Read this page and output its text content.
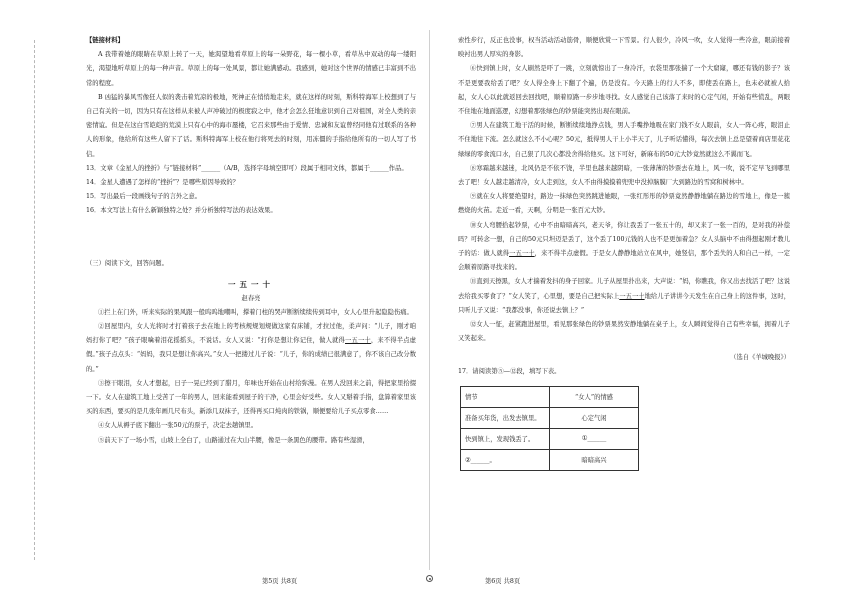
【链接材料】

A 我带着她的眼睛在草原上转了一天，她渴望地看草原上的每一朵野花，每一棵小草，看草丛中双动的每一缕阳光，渴望地听草原上的每一种声音。草原上的每一处风景，都让她满感动。我感到，她对这个世界的情感已丰富到不出常的程度。

B 凶猛的暴风雪像狂人似的袭击着荒凉的极地，死神正在悄悄地走来，就在这样的时刻，斯科特海军上校想到了与自己有关的一切，因为只有在这样从来被人声冲破过的极度寂之中，他才会怎么狂地意识到自己对祖国，对全人类的亲密情谊。但是在这白雪皑皑的荒漠上只有心中的海市蜃楼，它召来那些由于爱情、忠诚和友谊曾经同他有过联系的各种人的形象，他给所有这些人留下了话。斯科特海军上校在他行将死去的时刻，用冻僵的手指给他所有的一切人写了书信。

13．文章《金星人的挫折》与“链接材料”______（A/B，选择字母填空即可）段属于相同文体，都属于______作品。

14．金星人遭遇了怎样的“挫折”？是哪些原因导致的？

15．写出最后一段画线句子的言外之意。

16．本文写法上有什么新颖独特之处？并分析独特写法的表达效果。

（三）阅读下文，回答问题。

一五一十

赵春亮

①拦上在门外，听来实际的果风跟一般呜呜地嘲叫，撑着门柱的哭声断断续续传到耳中，女人心里升起隐隐伤痛。

②回屋里内，女人光将时才打着孩子去在地上的考核规规划规做这家有床铺，才拉过他，柔声问：“儿子，刚才咱妈打你了吧？”孩子眼噙着泪花摇摇头，不说话。女人又说：“打你是想让你记住，做人就得一五一十，来不得半点虚假。”孩子点点头：“妈妈，我只是想让你高兴。”女人一把搂过儿子说：“儿子，你的成绩已很满意了，你不该自己改分数的。”

③擦干眼泪，女人才想起，日子一晃已经到了腊月，年味也开始在山村给弥漫。在男人没回来之前，得把家里拾掇一下。女人在建筑工地上受苦了一年的男人，回来能看到屋子的干净，心里会好受些。女人又掰着手指，盘算着家里该买的东西，要买的是几张年画几尺布头，新添几双袜子，还得再买口炖肉的铁锅，顺便要给儿子买点零食……

④女人从褥子底下翻出一张50元的票子，决定去趟镇里。

⑤前天下了一场小雪，山坡上全白了，山路通过在大山半腰，像是一条黑色的腰带。路有些湿滑，

索性步行，反正也没事，权当活动活动筋骨，顺便欣赏一下雪景。行人很少，冷风一吹，女人觉得一些冷意，眼前接着映衬出男人厚实的身影。

⑥快到镇上时，女人刷然是吓了一跳，立刻就惊出了一身冷汗，衣袋里那张揣了一个大窟窿，哪还有钱的影子？该不是更要我给丢了吧？女人得全身上下翻了个遍，仍是没有。今天路上的行人不多，即使丢在路上，也未必就被人拾起，女人心以此就返回去回找吧，顺着原路一步步地寻找。女人感觉自己该落了来时的心定气闲，开始有些慌乱，两眼不住地在地面巡逻，幻想着那张绿色的钞票能突然出现在眼前。

⑦男人在建筑工地干活的时候，断断续续地挣点钱，男人手嘴挣地吸在家门钱不女人眼前，女人一阵心疼，眼泪止不住地往下流。怎么就这么不小心呢？50元，抵得男人干上小半天了，儿子听话懂得，每次去镇上总是望着商店里花花绿绿的零食流口水，自己狠了几次心都没舍得给他买。这下可好，新麻布的50元大钞竟然就这么不翼而飞。

⑧寒霜越来越迷，北风仍是不依不饶，半里也越来越阴暗，一张薄薄的钞票去在地上，风一吹，说不定早飞到哪里去了吧！女人越走越清冷，女人走到这，女人不由得摸摸着兜兜中没掉脑膜厂大到路边的雪窝和树林中。

⑨就在女人将要绝望时，路边一抹绿色突然跳进她眼，一张红彤彤的钞票竟然静静地躺在路边的雪地上，像是一簇燃烧的火苗。走近一看，天啊，分明是一张百元大钞。

⑩女人弯腰拾起钞票，心中不由暗暗高兴，老天爷，你让我丢了一张五十的，却又来了一张一百的，是对我的补偿吗？可转念一想，自己的50元只坦迈是丢了，这个丢了100元钱的人也不是更加着急？女人头脑中不由得想起刚才教儿子的话：做人就得一五一十，来不得半点虚假。于是女人静静地站立在风中，她竖信，那个丢失的人和自己一样，一定会顺着原路寻找来的。

⑪直到天擦黑，女人才揣着发抖的身子回家。儿子从屋里扑出来，大声说：“妈，你瞧我，你又出去找活了吧？这说去给我买零食了？”女人笑了，心里想，要是自己把实际上一五一十地给儿子讲讲今天发生在自己身上的这件事，这时，只听儿子又说：“我都没事，你还说去镇上？”

⑫女人一怔，赶紧跑进屋里，看见那张绿色的钞票果然安静地躺在桌子上，女人瞬间觉得自己有些幸福，拥着儿子又笑起来。

（选自《羊城晚报》）

17．请阅读第⑤—⑫段，填写下表。

情节	“女人”的情感
准备买年货，出发去镇里。	心定气闲
快到镇上，发现钱丢了。	①______
②______。	暗暗高兴
第5页 共8页	第6页 共8页
